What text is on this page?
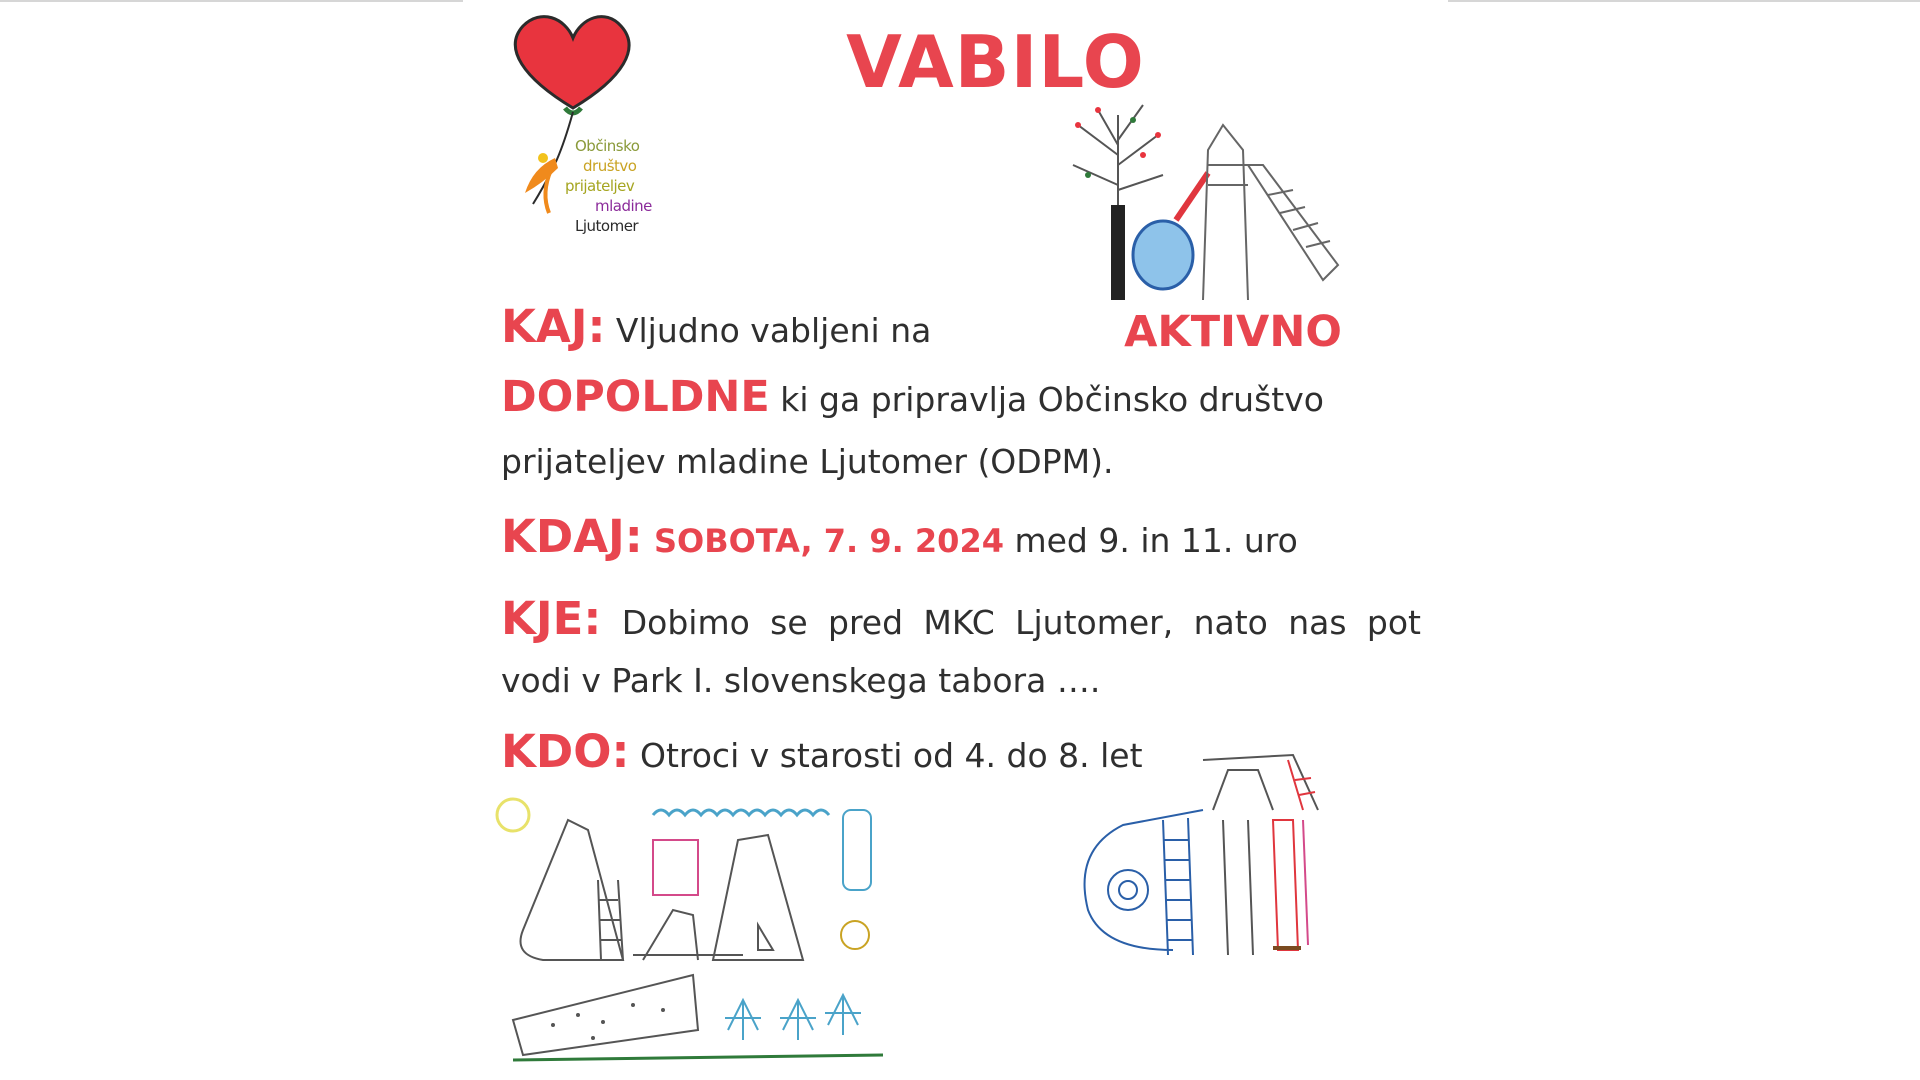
Občinsko
društvo
prijateljev
mladine
Ljutomer
VABILO

KAJ: Vljudno vabljeni na	AKTIVNO DOPOLDNE ki ga pripravlja Občinsko društvo prijateljev mladine Ljutomer (ODPM).

KDAJ: SOBOTA, 7. 9. 2024 med 9. in 11. uro

KJE: Dobimo se pred MKC Ljutomer, nato nas pot vodi v Park I. slovenskega tabora ….

KDO: Otroci v starosti od 4. do 8. let
